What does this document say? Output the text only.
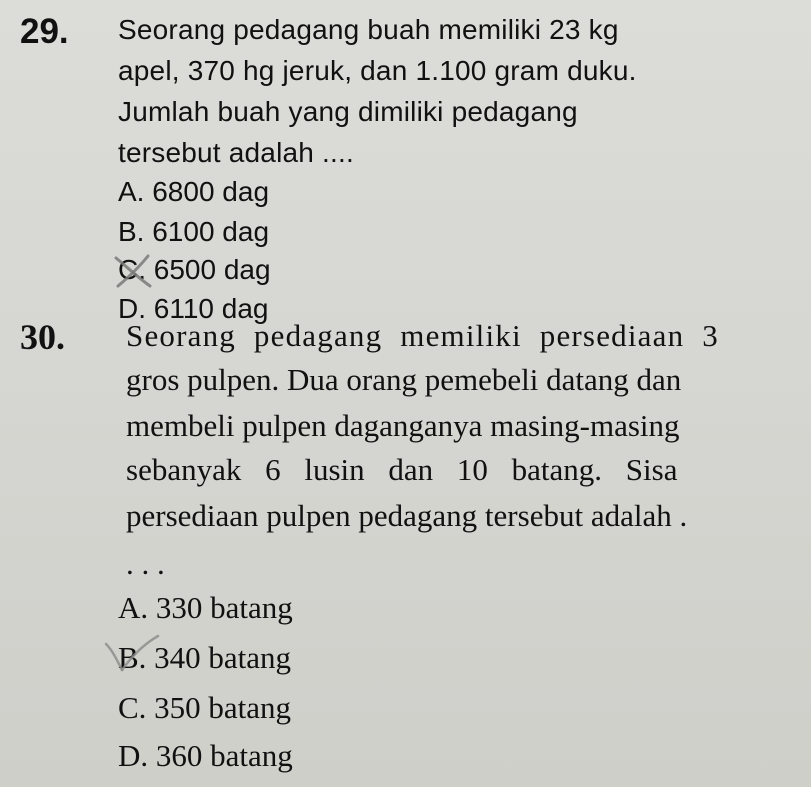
29. Seorang pedagang buah memiliki 23 kg
apel, 370 hg jeruk, dan 1.100 gram duku.
Jumlah buah yang dimiliki pedagang
tersebut adalah ....
A. 6800 dag
B. 6100 dag
C. 6500 dag
D. 6110 dag
30. Seorang pedagang memiliki persediaan 3
gros pulpen. Dua orang pemebeli datang dan
membeli pulpen daganganya masing-masing
sebanyak 6 lusin dan 10 batang. Sisa
persediaan pulpen pedagang tersebut adalah .
. . .
A. 330 batang
B. 340 batang
C. 350 batang
D. 360 batang
